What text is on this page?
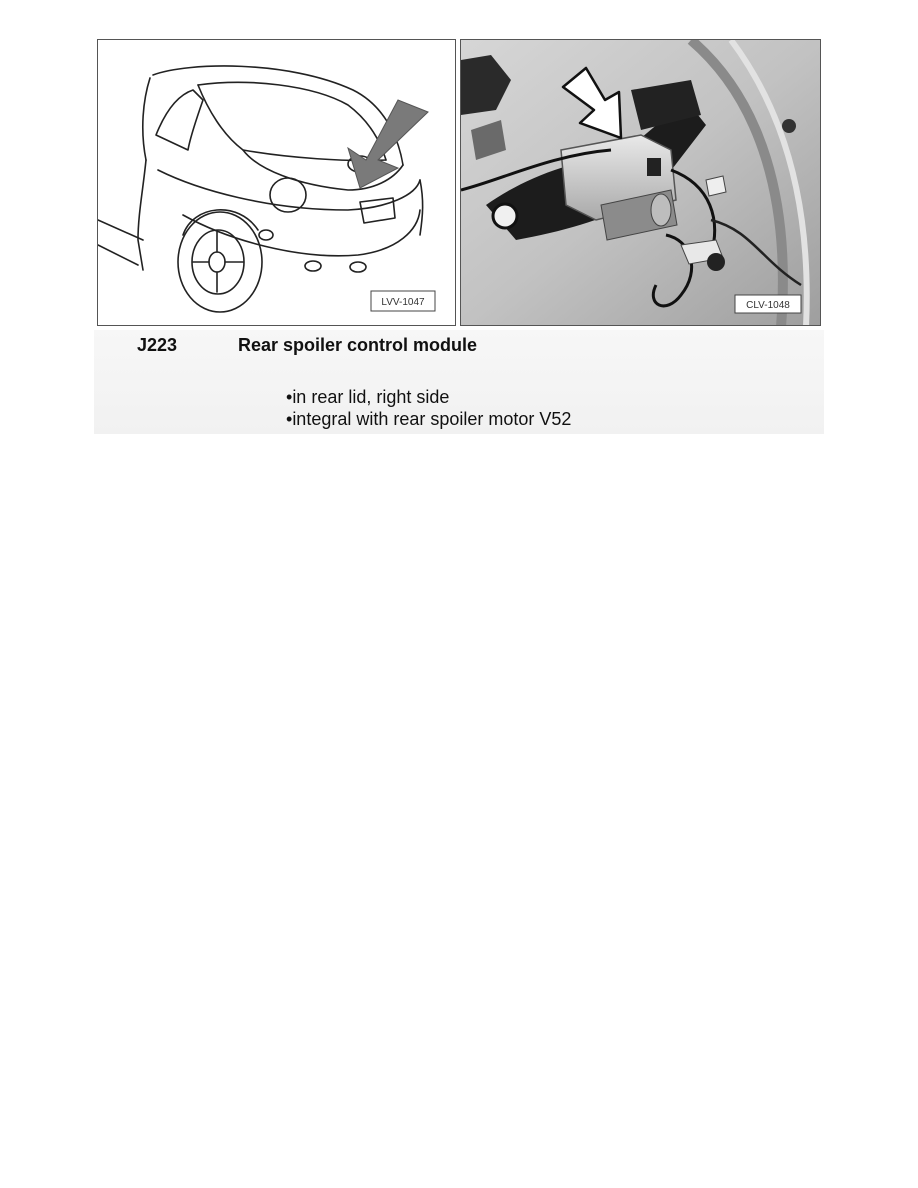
LVV-1047	CLV-1048
J223	Rear spoiler control module
• in rear lid, right side
• integral with rear spoiler motor V52
